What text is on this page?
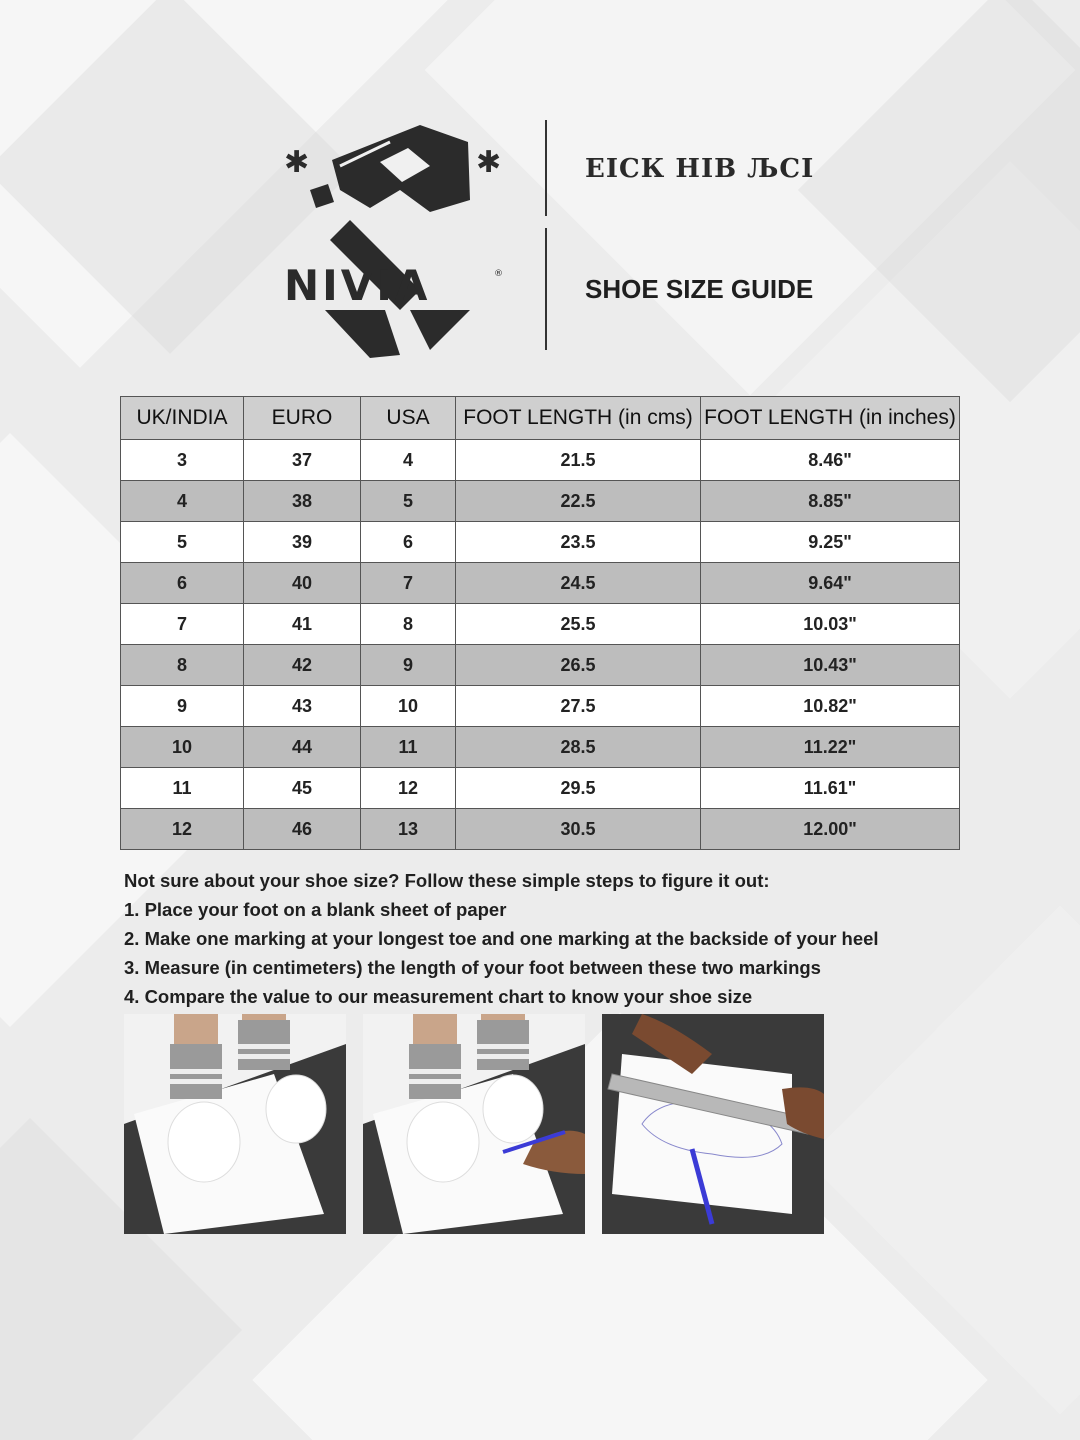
✱	✱
NIVIA	®
ЕІСК НІВ ЉСІ
SHOE SIZE GUIDE
UK/INDIA	EURO	USA	FOOT LENGTH (in cms)	FOOT LENGTH (in inches)
3	37	4	21.5	8.46"
4	38	5	22.5	8.85"
5	39	6	23.5	9.25"
6	40	7	24.5	9.64"
7	41	8	25.5	10.03"
8	42	9	26.5	10.43"
9	43	10	27.5	10.82"
10	44	11	28.5	11.22"
11	45	12	29.5	11.61"
12	46	13	30.5	12.00"
Not sure about your shoe size? Follow these simple steps to figure it out:
1. Place your foot on a blank sheet of paper
2. Make one marking at your longest toe and one marking at the backside of your heel
3. Measure (in centimeters) the length of your foot between these two markings
4. Compare the value to our measurement chart to know your shoe size
